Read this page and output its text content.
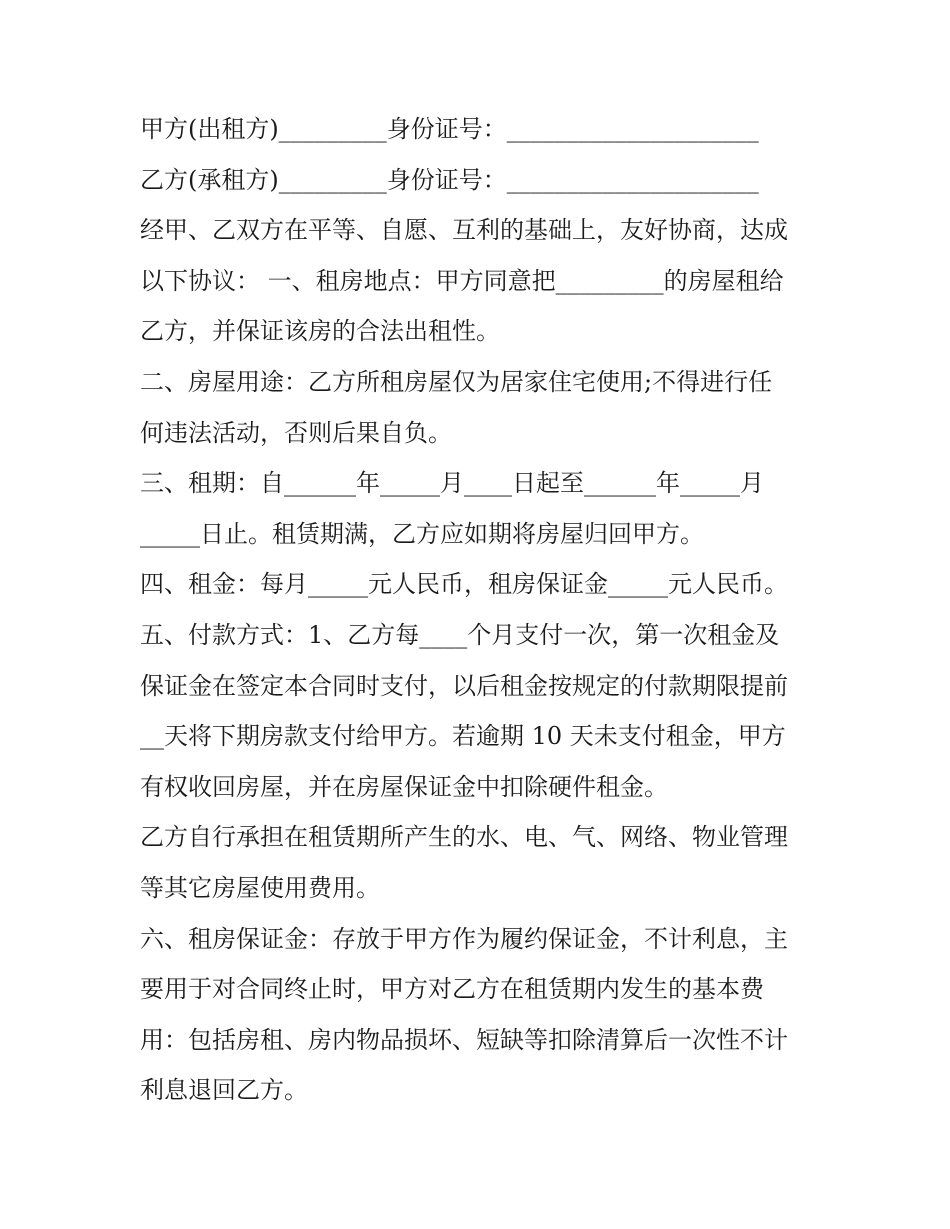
甲方(出租方)_________身份证号：_____________________

乙方(承租方)_________身份证号：_____________________

经甲、乙双方在平等、自愿、互利的基础上，友好协商，达成

以下协议： 一、租房地点：甲方同意把_________的房屋租给

乙方，并保证该房的合法出租性。

二、房屋用途：乙方所租房屋仅为居家住宅使用;不得进行任

何违法活动，否则后果自负。

三、租期：自______年_____月____日起至______年_____月

_____日止。租赁期满，乙方应如期将房屋归回甲方。

四、租金：每月_____元人民币，租房保证金_____元人民币。

五、付款方式：1、乙方每____个月支付一次，第一次租金及

保证金在签定本合同时支付，以后租金按规定的付款期限提前

__天将下期房款支付给甲方。若逾期 10 天未支付租金，甲方

有权收回房屋，并在房屋保证金中扣除硬件租金。

乙方自行承担在租赁期所产生的水、电、气、网络、物业管理

等其它房屋使用费用。

六、租房保证金：存放于甲方作为履约保证金，不计利息，主

要用于对合同终止时，甲方对乙方在租赁期内发生的基本费

用：包括房租、房内物品损坏、短缺等扣除清算后一次性不计

利息退回乙方。
